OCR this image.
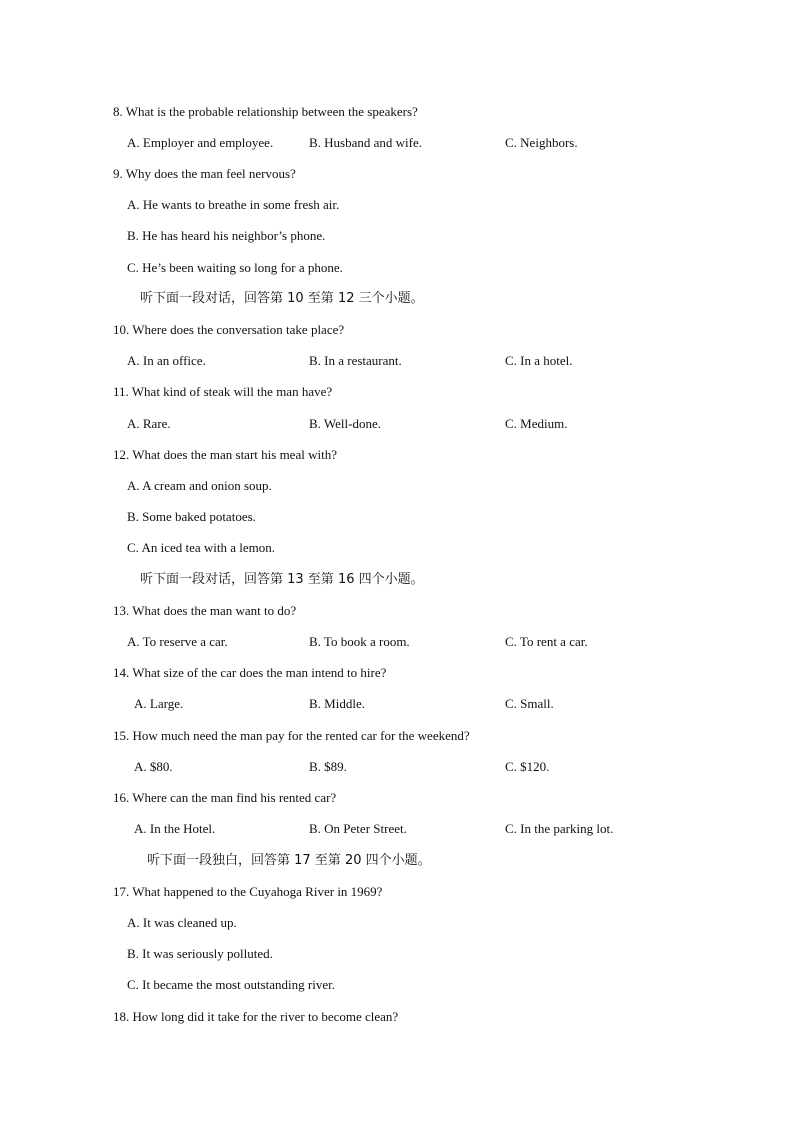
8. What is the probable relationship between the speakers?
A. Employer and employee.	B. Husband and wife.	C. Neighbors.
9. Why does the man feel nervous?
A. He wants to breathe in some fresh air.
B. He has heard his neighbor’s phone.
C. He’s been waiting so long for a phone.
听下面一段对话，回答第 10 至第 12 三个小题。
10. Where does the conversation take place?
A. In an office.	B. In a restaurant.	C. In a hotel.
11. What kind of steak will the man have?
A. Rare.	B. Well-done.	C. Medium.
12. What does the man start his meal with?
A. A cream and onion soup.
B. Some baked potatoes.
C. An iced tea with a lemon.
听下面一段对话，回答第 13 至第 16 四个小题。
13. What does the man want to do?
A. To reserve a car.	B. To book a room.	C. To rent a car.
14. What size of the car does the man intend to hire?
A. Large.	B. Middle.	C. Small.
15. How much need the man pay for the rented car for the weekend?
A. $80.	B. $89.	C. $120.
16. Where can the man find his rented car?
A. In the Hotel.	B. On Peter Street.	C. In the parking lot.
听下面一段独白，回答第 17 至第 20 四个小题。
17. What happened to the Cuyahoga River in 1969?
A. It was cleaned up.
B. It was seriously polluted.
C. It became the most outstanding river.
18. How long did it take for the river to become clean?
